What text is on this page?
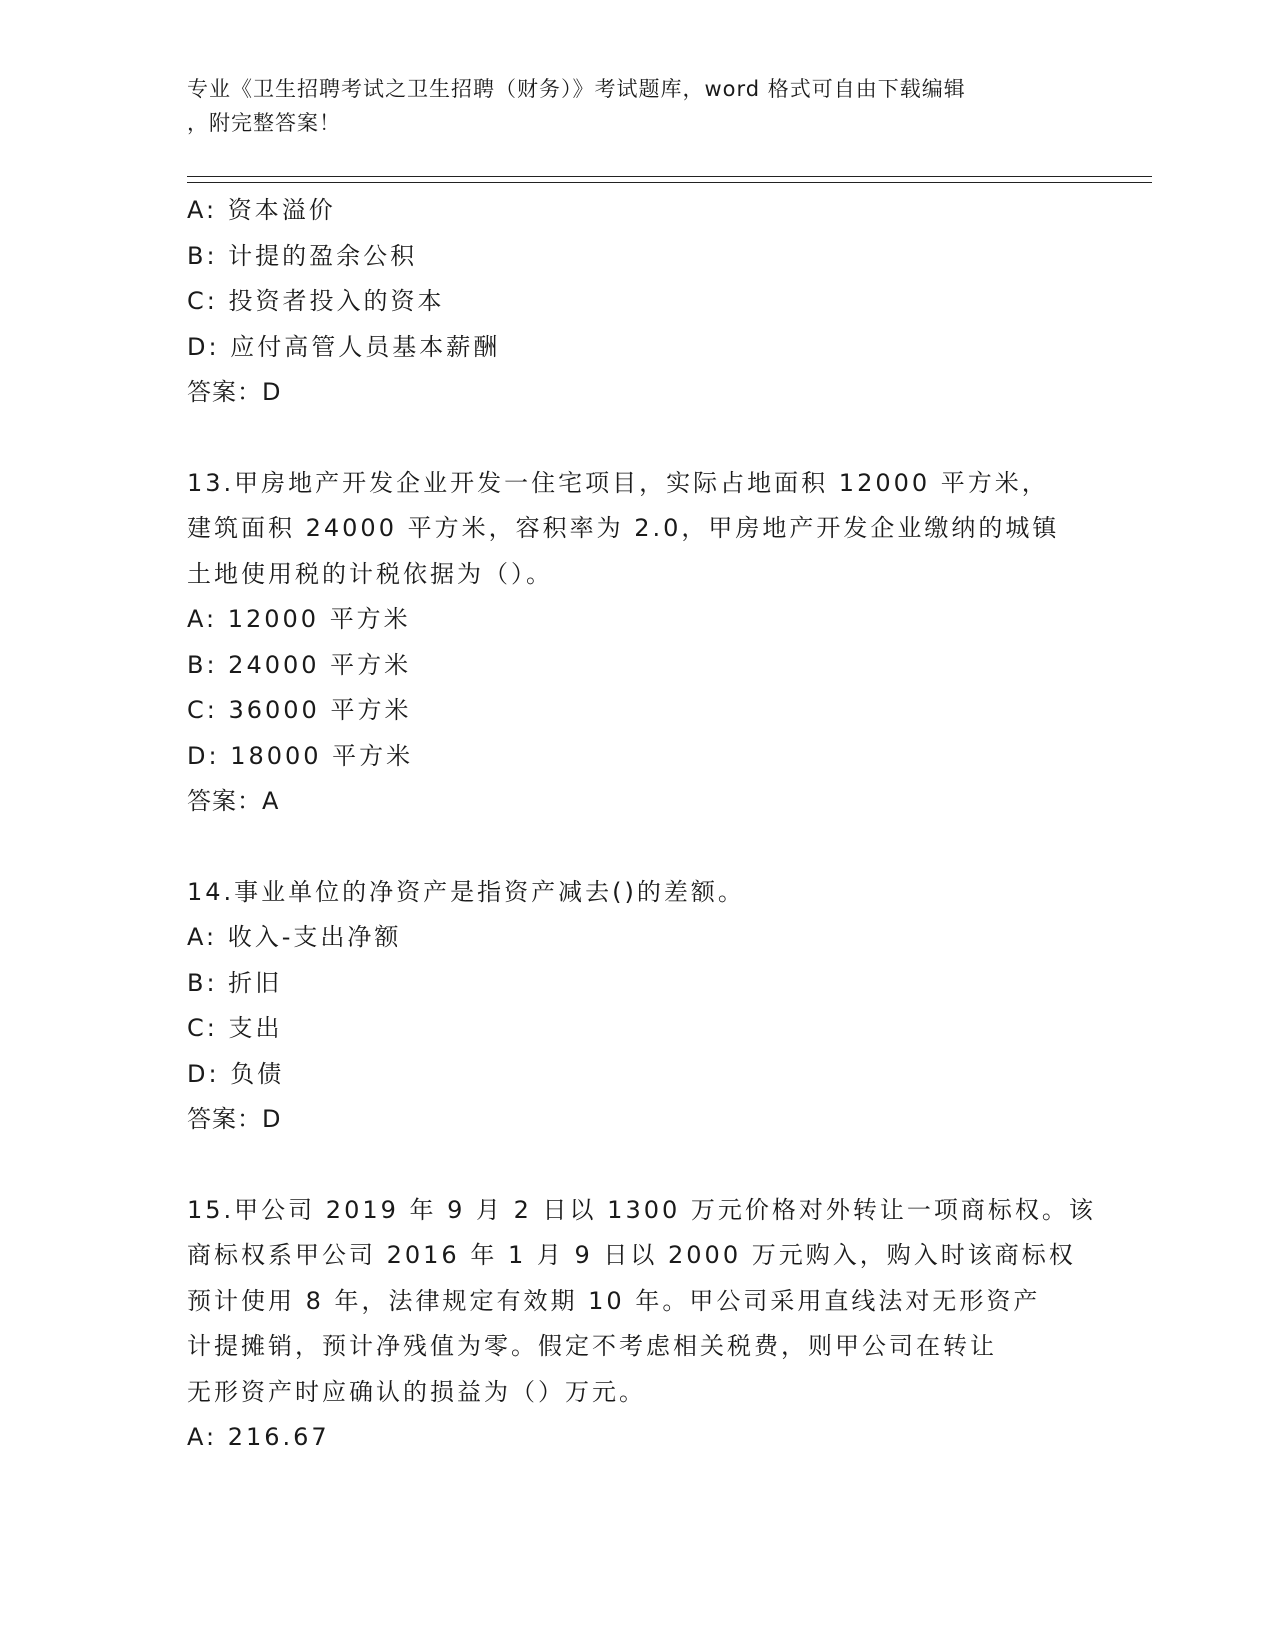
专业《卫生招聘考试之卫生招聘（财务）》考试题库，word 格式可自由下载编辑
，附完整答案！
A: 资本溢价
B: 计提的盈余公积
C: 投资者投入的资本
D: 应付高管人员基本薪酬
答案：D
13.甲房地产开发企业开发一住宅项目，实际占地面积 12000 平方米，
建筑面积 24000 平方米，容积率为 2.0，甲房地产开发企业缴纳的城镇
土地使用税的计税依据为（）。
A: 12000 平方米
B: 24000 平方米
C: 36000 平方米
D: 18000 平方米
答案：A
14.事业单位的净资产是指资产减去()的差额。
A: 收入-支出净额
B: 折旧
C: 支出
D: 负债
答案：D
15.甲公司 2019 年 9 月 2 日以 1300 万元价格对外转让一项商标权。该
商标权系甲公司 2016 年 1 月 9 日以 2000 万元购入，购入时该商标权
预计使用 8 年，法律规定有效期 10 年。甲公司采用直线法对无形资产
计提摊销，预计净残值为零。假定不考虑相关税费，则甲公司在转让
无形资产时应确认的损益为（）万元。
A: 216.67
